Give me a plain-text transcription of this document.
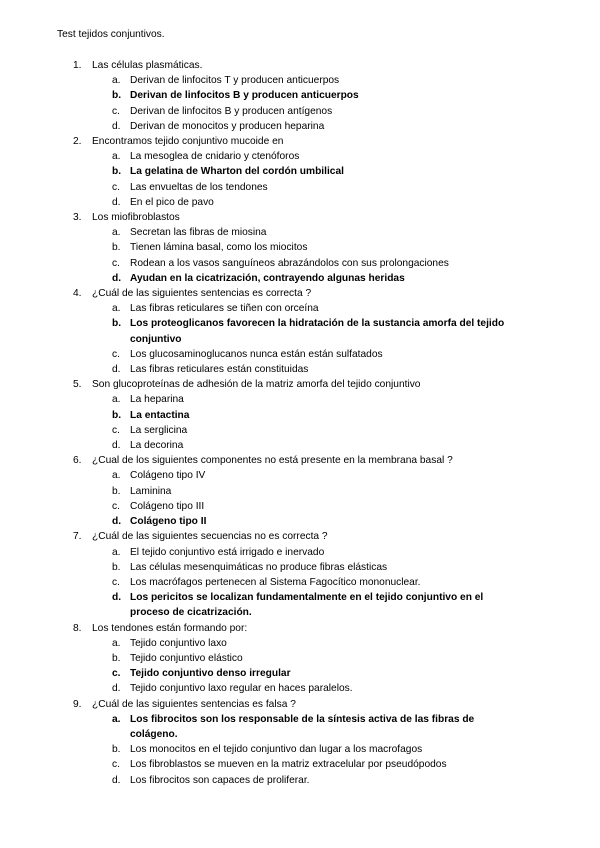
Test tejidos conjuntivos.
1.	Las células plasmáticas.
a. Derivan de linfocitos T y producen anticuerpos
b. Derivan de linfocitos B y producen anticuerpos
c. Derivan de linfocitos B y producen antígenos
d. Derivan de monocitos y producen heparina
2.	Encontramos tejido conjuntivo mucoide en
a. La mesoglea de cnidario y ctenóforos
b. La gelatina de Wharton del cordón umbilical
c. Las envueltas de los tendones
d. En el pico de pavo
3.	Los miofibroblastos
a. Secretan las fibras de miosina
b. Tienen lámina basal, como los miocitos
c. Rodean a los vasos sanguíneos abrazándolos con sus prolongaciones
d. Ayudan en la cicatrización, contrayendo algunas heridas
4.	¿Cuál de las siguientes sentencias es correcta ?
a. Las fibras reticulares se tiñen con orceína
b. Los proteoglicanos favorecen la hidratación de la sustancia amorfa del tejido conjuntivo
c. Los glucosaminoglucanos nunca están están sulfatados
d. Las fibras reticulares están constituidas
5.	Son glucoproteínas de adhesión de la matriz amorfa del tejido conjuntivo
a. La heparina
b. La entactina
c. La serglicina
d. La decorina
6.	¿Cual de los siguientes componentes no está presente en la membrana basal ?
a. Colágeno tipo IV
b. Laminina
c. Colágeno tipo III
d. Colágeno tipo II
7.	¿Cuál de las siguientes secuencias no es correcta ?
a. El tejido conjuntivo está irrigado e inervado
b. Las células mesenquimáticas no produce fibras elásticas
c. Los macrófagos pertenecen al Sistema Fagocítico mononuclear.
d. Los pericitos se localizan fundamentalmente en el tejido conjuntivo en el proceso de cicatrización.
8.	Los tendones están formando por:
a. Tejido conjuntivo laxo
b. Tejido conjuntivo elástico
c. Tejido conjuntivo denso irregular
d. Tejido conjuntivo laxo regular en haces paralelos.
9.	¿Cuál de las siguientes sentencias es falsa ?
a. Los fibrocitos son los responsable de la síntesis activa de las fibras de colágeno.
b. Los monocitos en el tejido conjuntivo dan lugar a los macrofagos
c. Los fibroblastos se mueven en la matriz extracelular por pseudópodos
d. Los fibrocitos son capaces de proliferar.
